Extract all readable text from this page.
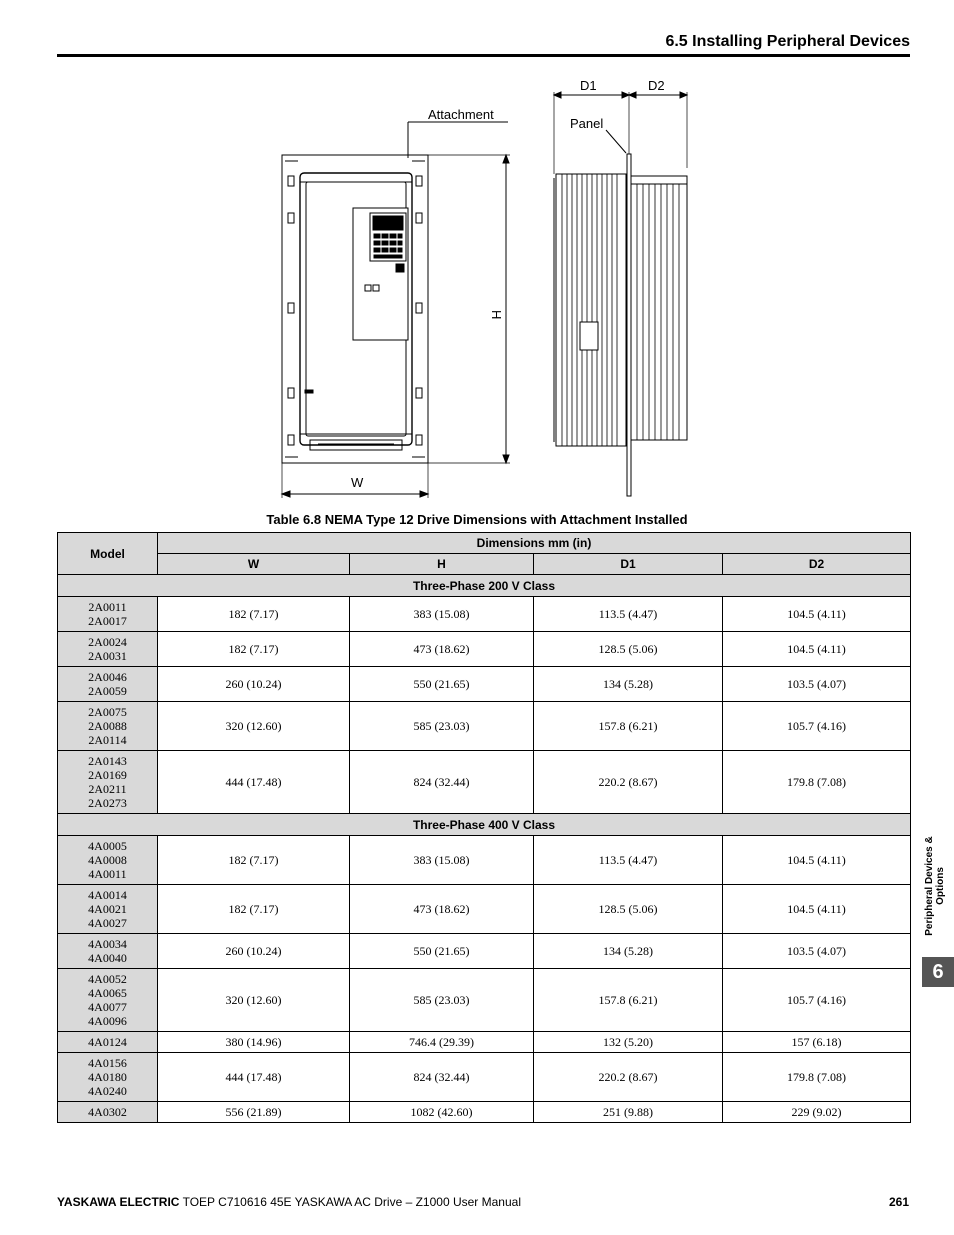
6.5 Installing Peripheral Devices
Attachment
Panel
D1	D2
H
W
Table 6.8 NEMA Type 12 Drive Dimensions with Attachment Installed
Model	Dimensions mm (in)			
	W	H	D1	D2
Three-Phase 200 V Class				
2A0011
2A0017	182 (7.17)	383 (15.08)	113.5 (4.47)	104.5 (4.11)
2A0024
2A0031	182 (7.17)	473 (18.62)	128.5 (5.06)	104.5 (4.11)
2A0046
2A0059	260 (10.24)	550 (21.65)	134 (5.28)	103.5 (4.07)
2A0075
2A0088
2A0114	320 (12.60)	585 (23.03)	157.8 (6.21)	105.7 (4.16)
2A0143
2A0169
2A0211
2A0273	444 (17.48)	824 (32.44)	220.2 (8.67)	179.8 (7.08)
Three-Phase 400 V Class				
4A0005
4A0008
4A0011	182 (7.17)	383 (15.08)	113.5 (4.47)	104.5 (4.11)
4A0014
4A0021
4A0027	182 (7.17)	473 (18.62)	128.5 (5.06)	104.5 (4.11)
4A0034
4A0040	260 (10.24)	550 (21.65)	134 (5.28)	103.5 (4.07)
4A0052
4A0065
4A0077
4A0096	320 (12.60)	585 (23.03)	157.8 (6.21)	105.7 (4.16)
4A0124	380 (14.96)	746.4 (29.39)	132 (5.20)	157 (6.18)
4A0156
4A0180
4A0240	444 (17.48)	824 (32.44)	220.2 (8.67)	179.8 (7.08)
4A0302	556 (21.89)	1082 (42.60)	251 (9.88)	229 (9.02)
Peripheral Devices &
Options
6
YASKAWA ELECTRIC TOEP C710616 45E YASKAWA AC Drive – Z1000 User Manual	261
